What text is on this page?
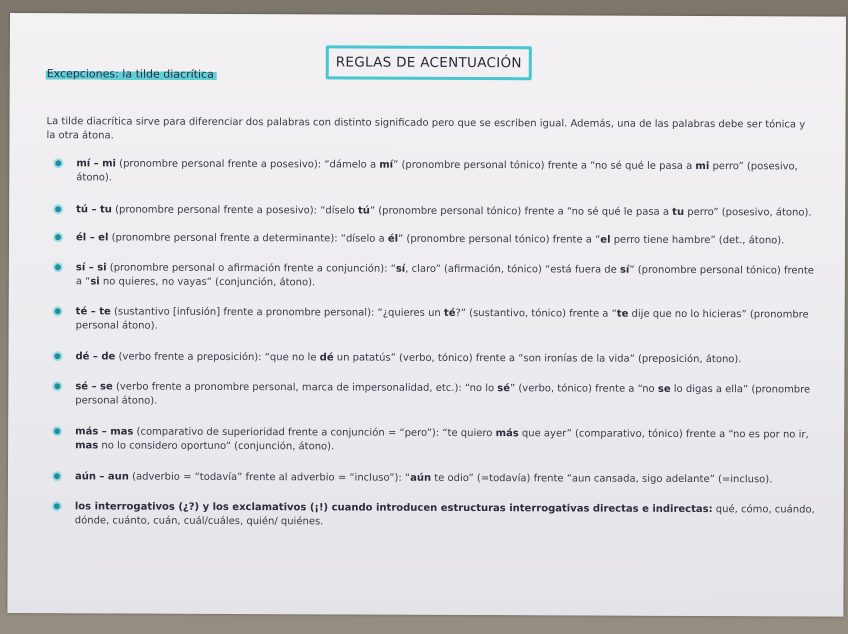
REGLAS DE ACENTUACIÓN
Excepciones: la tilde diacrítica
La tilde diacrítica sirve para diferenciar dos palabras con distinto significado pero que se escriben igual. Además, una de las palabras debe ser tónica y la otra átona.
mí – mi (pronombre personal frente a posesivo): “dámelo a mí” (pronombre personal tónico) frente a “no sé qué le pasa a mi perro” (posesivo, átono).
tú – tu (pronombre personal frente a posesivo): “díselo tú” (pronombre personal tónico) frente a “no sé qué le pasa a tu perro” (posesivo, átono).
él – el (pronombre personal frente a determinante): “díselo a él” (pronombre personal tónico) frente a “el perro tiene hambre” (det., átono).
sí – si (pronombre personal o afirmación frente a conjunción): “sí, claro” (afirmación, tónico) “está fuera de sí” (pronombre personal tónico) frente a “si no quieres, no vayas” (conjunción, átono).
té – te (sustantivo [infusión] frente a pronombre personal): “¿quieres un té?” (sustantivo, tónico) frente a “te dije que no lo hicieras” (pronombre personal átono).
dé – de (verbo frente a preposición): “que no le dé un patatús” (verbo, tónico) frente a “son ironías de la vida” (preposición, átono).
sé – se (verbo frente a pronombre personal, marca de impersonalidad, etc.): “no lo sé” (verbo, tónico) frente a “no se lo digas a ella” (pronombre personal átono).
más – mas (comparativo de superioridad frente a conjunción = “pero”): “te quiero más que ayer” (comparativo, tónico) frente a “no es por no ir, mas no lo considero oportuno” (conjunción, átono).
aún – aun (adverbio = “todavía” frente al adverbio = “incluso”): “aún te odio” (=todavía) frente “aun cansada, sigo adelante” (=incluso).
los interrogativos (¿?) y los exclamativos (¡!) cuando introducen estructuras interrogativas directas e indirectas: qué, cómo, cuándo, dónde, cuánto, cuán, cuál/cuáles, quién/ quiénes.
